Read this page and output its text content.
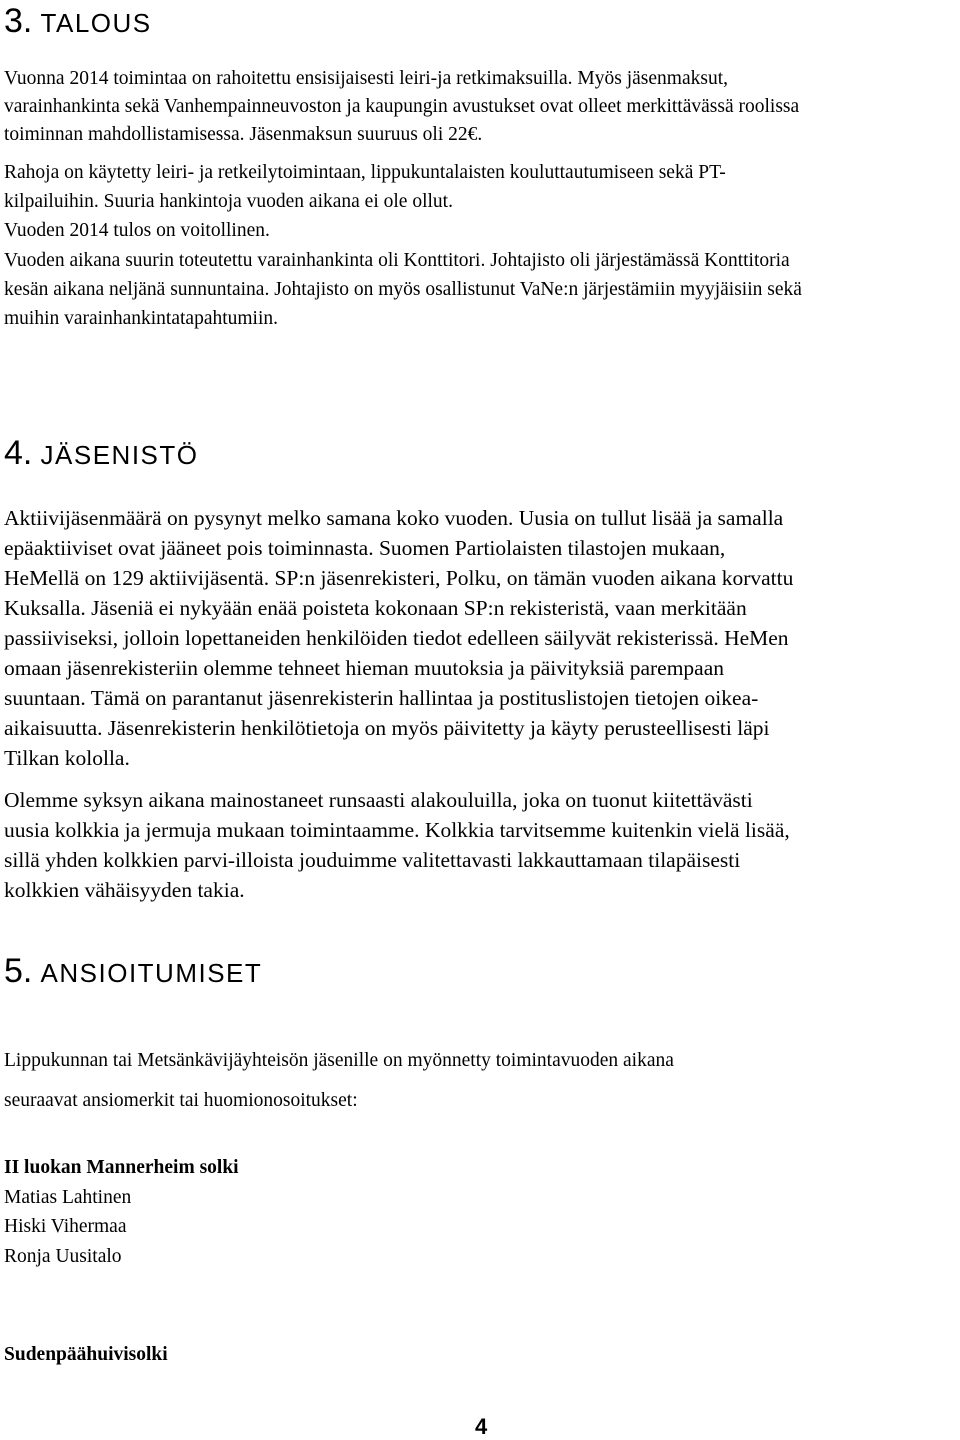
3. TALOUS

Vuonna 2014 toimintaa on rahoitettu ensisijaisesti leiri-ja retkimaksuilla. Myös jäsenmaksut,

varainhankinta sekä Vanhempainneuvoston ja kaupungin avustukset ovat olleet merkittävässä roolissa

toiminnan mahdollistamisessa. Jäsenmaksun suuruus oli 22€.

Rahoja on käytetty leiri- ja retkeilytoimintaan, lippukuntalaisten kouluttautumiseen sekä PT-

kilpailuihin. Suuria hankintoja vuoden aikana ei ole ollut.

Vuoden 2014 tulos on voitollinen.

Vuoden aikana suurin toteutettu varainhankinta oli Konttitori. Johtajisto oli järjestämässä Konttitoria

kesän aikana neljänä sunnuntaina. Johtajisto on myös osallistunut VaNe:n järjestämiin myyjäisiin sekä

muihin varainhankintatapahtumiin.

4. JÄSENISTÖ

Aktiivijäsenmäärä on pysynyt melko samana koko vuoden. Uusia on tullut lisää ja samalla

epäaktiiviset ovat jääneet pois toiminnasta. Suomen Partiolaisten tilastojen mukaan,

HeMellä on 129 aktiivijäsentä. SP:n jäsenrekisteri, Polku, on tämän vuoden aikana korvattu

Kuksalla. Jäseniä ei nykyään enää poisteta kokonaan SP:n rekisteristä, vaan merkitään

passiiviseksi, jolloin lopettaneiden henkilöiden tiedot edelleen säilyvät rekisterissä. HeMen

omaan jäsenrekisteriin olemme tehneet hieman muutoksia ja päivityksiä parempaan

suuntaan. Tämä on parantanut jäsenrekisterin hallintaa ja postituslistojen tietojen oikea-

aikaisuutta. Jäsenrekisterin henkilötietoja on myös päivitetty ja käyty perusteellisesti läpi

Tilkan kololla.

Olemme syksyn aikana mainostaneet runsaasti alakouluilla, joka on tuonut kiitettävästi

uusia kolkkia ja jermuja mukaan toimintaamme. Kolkkia tarvitsemme kuitenkin vielä lisää,

sillä yhden kolkkien parvi-illoista jouduimme valitettavasti lakkauttamaan tilapäisesti

kolkkien vähäisyyden takia.

5. ANSIOITUMISET

Lippukunnan tai Metsänkävijäyhteisön jäsenille on myönnetty toimintavuoden aikana

seuraavat ansiomerkit tai huomionosoitukset:

II luokan Mannerheim solki

Matias Lahtinen

Hiski Vihermaa

Ronja Uusitalo

Sudenpäähuivisolki

4
